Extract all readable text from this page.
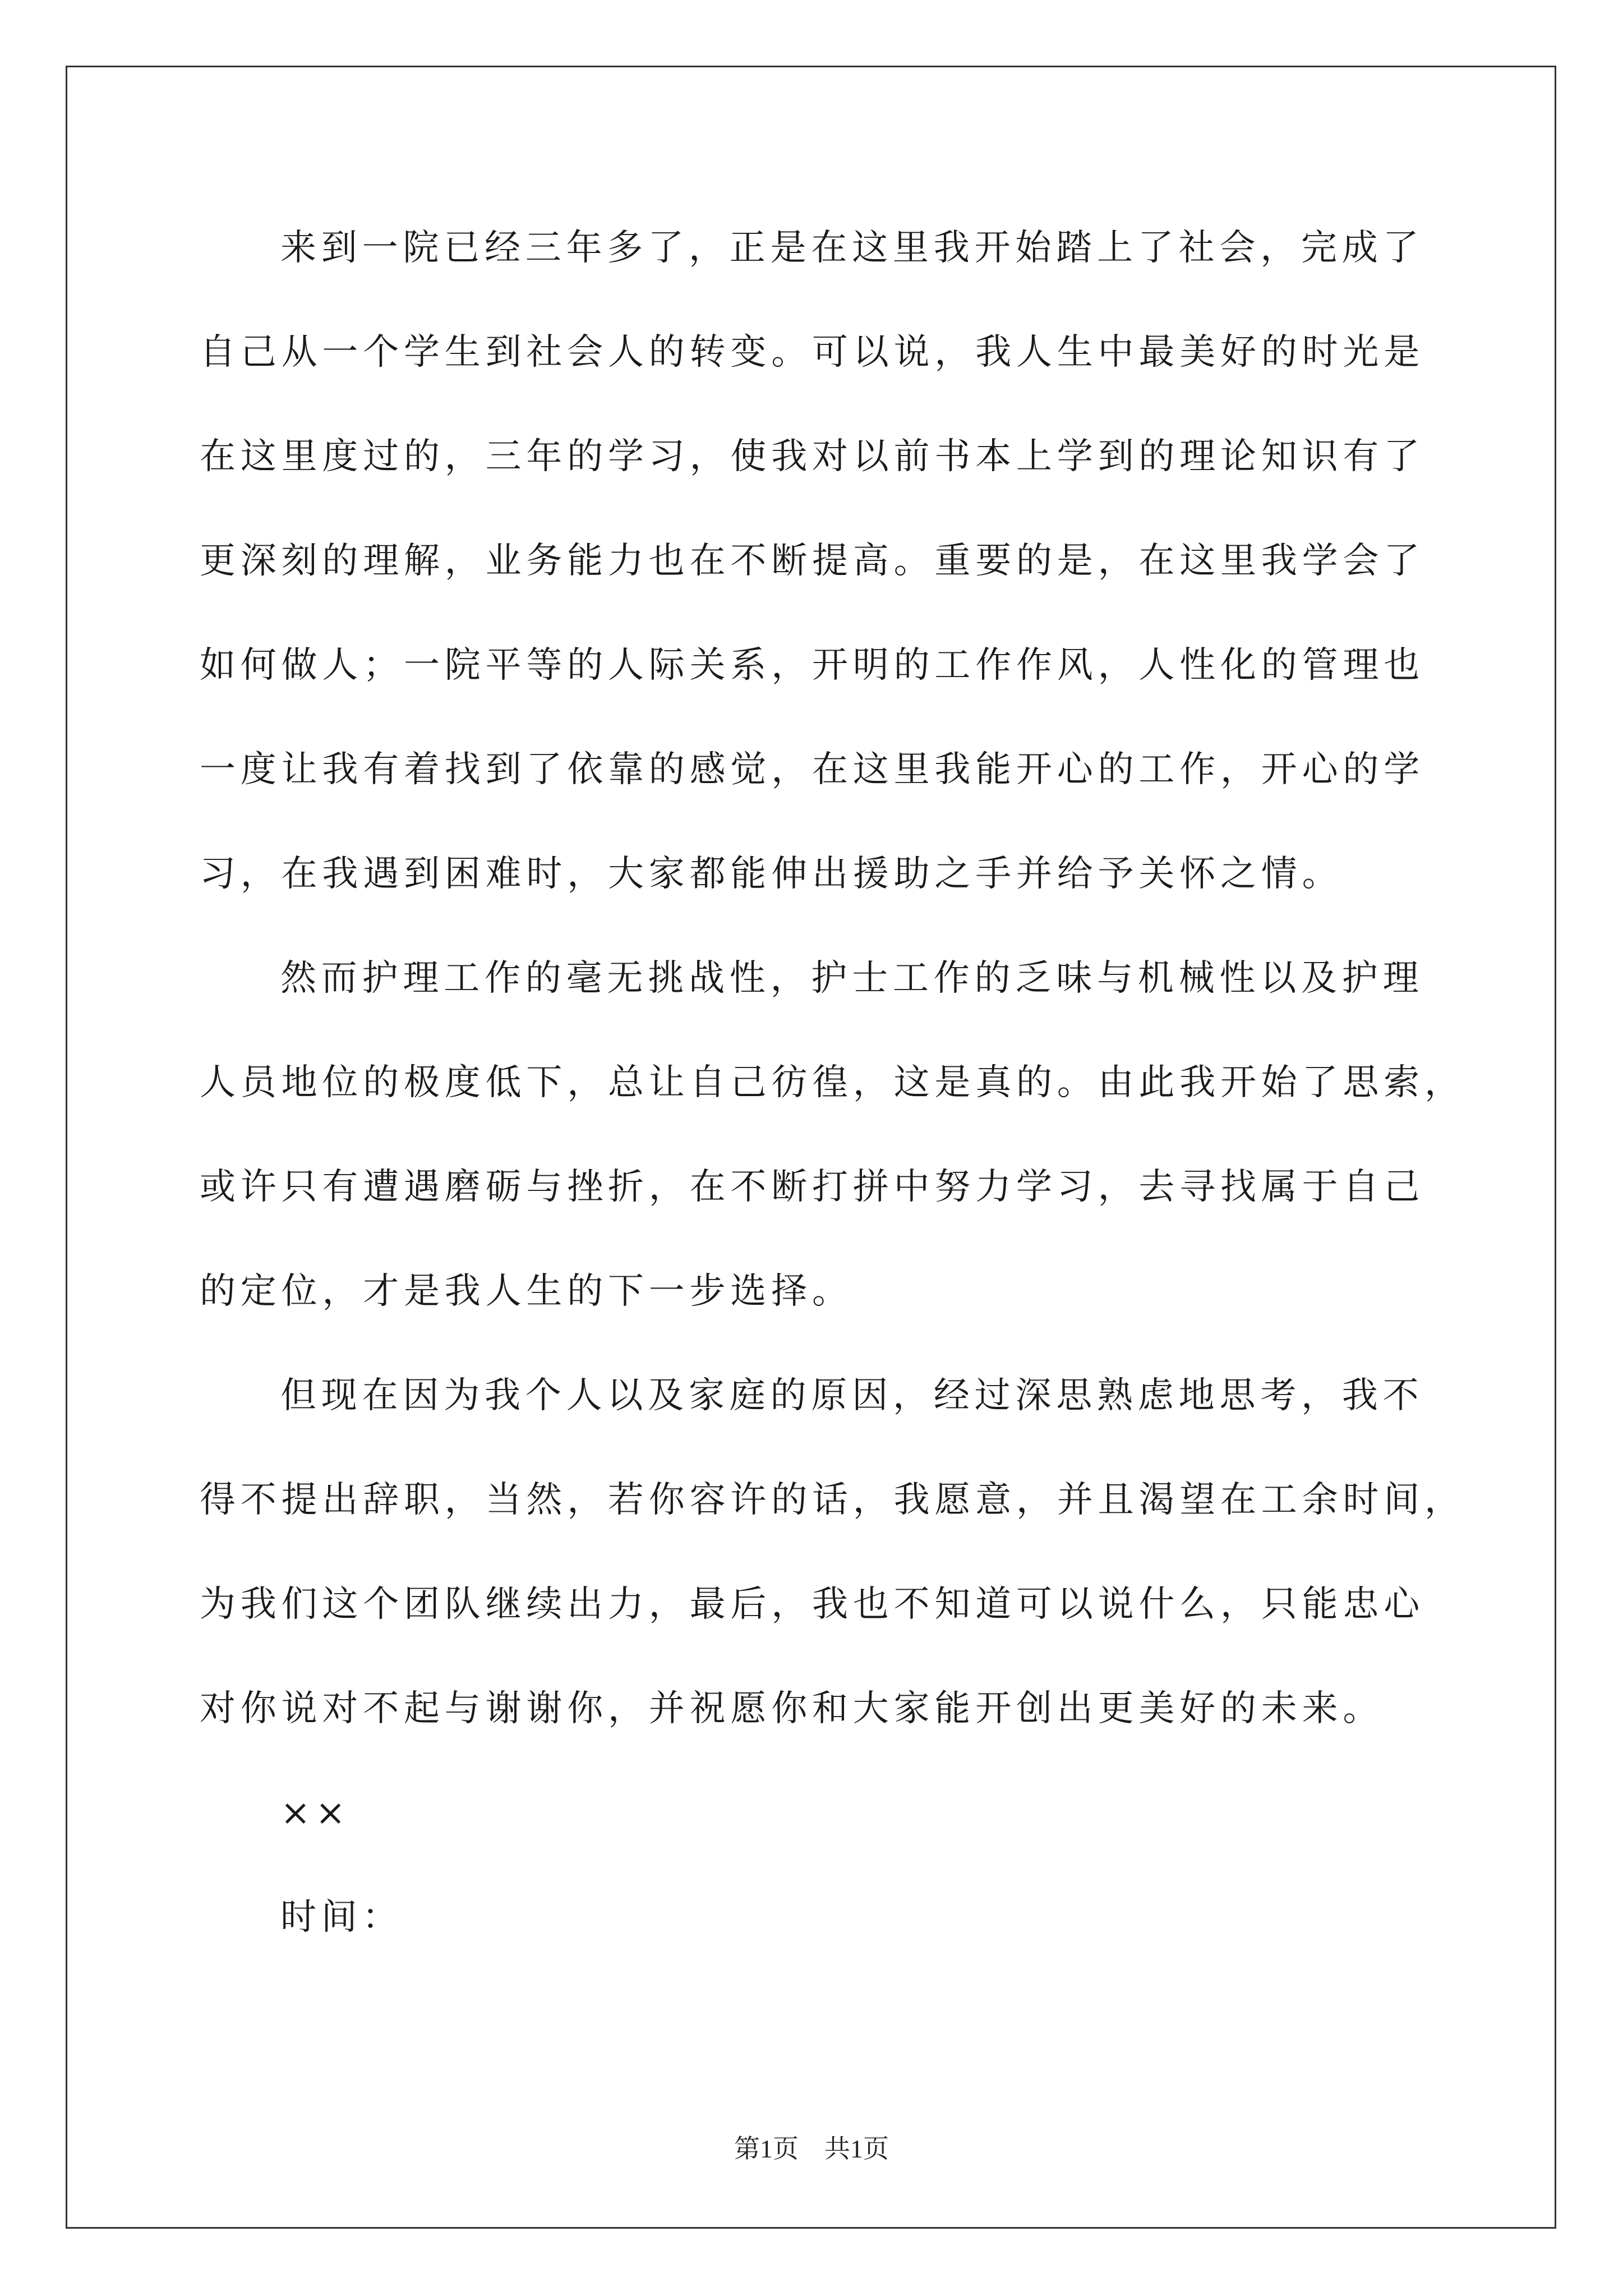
来到一院已经三年多了，正是在这里我开始踏上了社会，完成了
自己从一个学生到社会人的转变。可以说，我人生中最美好的时光是
在这里度过的，三年的学习，使我对以前书本上学到的理论知识有了
更深刻的理解，业务能力也在不断提高。重要的是，在这里我学会了
如何做人；一院平等的人际关系，开明的工作作风，人性化的管理也
一度让我有着找到了依靠的感觉，在这里我能开心的工作，开心的学
习，在我遇到困难时，大家都能伸出援助之手并给予关怀之情。
然而护理工作的毫无挑战性，护士工作的乏味与机械性以及护理
人员地位的极度低下，总让自己彷徨，这是真的。由此我开始了思索，
或许只有遭遇磨砺与挫折，在不断打拼中努力学习，去寻找属于自己
的定位，才是我人生的下一步选择。
但现在因为我个人以及家庭的原因，经过深思熟虑地思考，我不
得不提出辞职，当然，若你容许的话，我愿意，并且渴望在工余时间，
为我们这个团队继续出力，最后，我也不知道可以说什么，只能忠心
对你说对不起与谢谢你，并祝愿你和大家能开创出更美好的未来。
××
时间：
第1页　共1页
